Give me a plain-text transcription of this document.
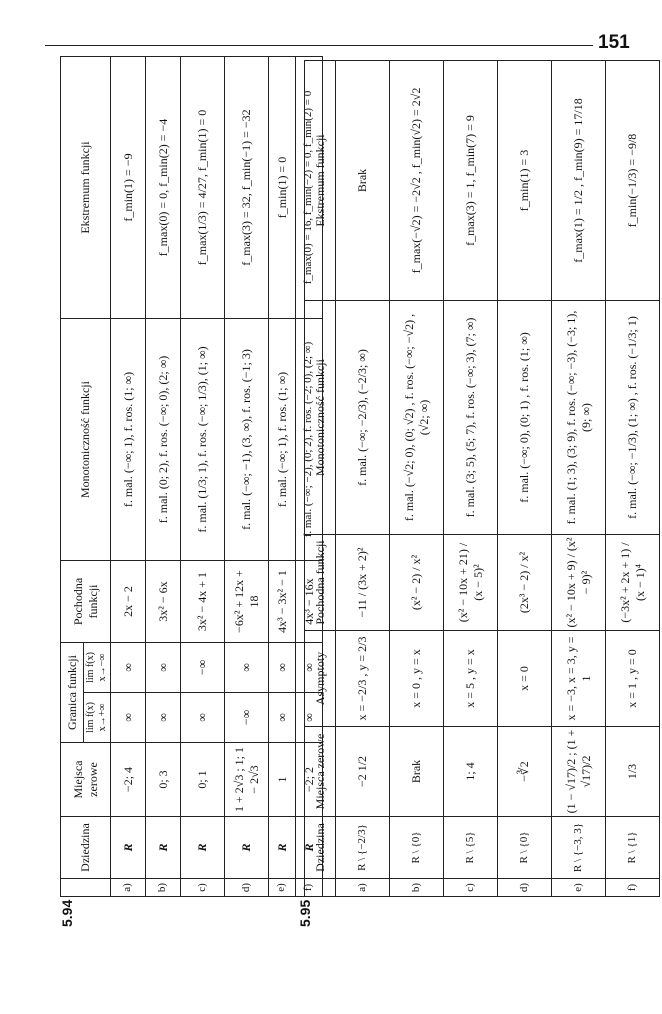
151
5.94
	Dziedzina	Miejsca zerowe	Granica funkcji		Pochodna funkcji	Monotoniczność funkcji	Ekstremum funkcji
			lim f(x) x→+∞	lim f(x) x→−∞			
a)	R	−2; 4	∞	∞	2x − 2	f. mal. (−∞; 1), f. ros. (1; ∞)	f_min(1) = −9
b)	R	0; 3	∞	∞	3x² − 6x	f. mal. (0; 2), f. ros. (−∞; 0), (2; ∞)	f_max(0) = 0, f_min(2) = −4
c)	R	0; 1	∞	−∞	3x² − 4x + 1	f. mal. (1/3; 1), f. ros. (−∞; 1/3), (1; ∞)	f_max(1/3) = 4/27, f_min(1) = 0
d)	R	1 + 2√3 ; 1; 1 − 2√3	−∞	∞	−6x² + 12x + 18	f. mal. (−∞; −1), (3, ∞), f. ros. (−1; 3)	f_max(3) = 32, f_min(−1) = −32
e)	R	1	∞	∞	4x³ − 3x² − 1	f. mal. (−∞; 1), f. ros. (1; ∞)	f_min(1) = 0
f)	R	−2; 2	∞	∞	4x³ − 16x	f. mal. (−∞; −2), (0; 2), f. ros. (−2; 0), (2; ∞)	f_max(0) = 16, f_min(−2) = 0, f_min(2) = 0
5.95
	Dziedzina	Miejsca zerowe	Asymptoty	Pochodna funkcji	Monotoniczność funkcji	Ekstremum funkcji
a)	R \ {−2/3}	−2 1/2	x = −2/3 , y = 2/3	−11 / (3x + 2)²	f. mal. (−∞; −2/3), (−2/3; ∞)	Brak
b)	R \ {0}	Brak	x = 0 , y = x	(x² − 2) / x²	f. mal. (−√2; 0), (0; √2) , f. ros. (−∞; −√2) , (√2; ∞)	f_max(−√2) = −2√2 , f_min(√2) = 2√2
c)	R \ {5}	1; 4	x = 5 , y = x	(x² − 10x + 21) / (x − 5)²	f. mal. (3; 5), (5; 7), f. ros. (−∞; 3), (7; ∞)	f_max(3) = 1, f_min(7) = 9
d)	R \ {0}	−∛2	x = 0	(2x³ − 2) / x²	f. mal. (−∞; 0), (0; 1) , f. ros. (1; ∞)	f_min(1) = 3
e)	R \ {−3, 3}	(1 − √17)/2 ; (1 + √17)/2	x = −3, x = 3, y = 1	(x² − 10x + 9) / (x² − 9)²	f. mal. (1; 3), (3; 9), f. ros. (−∞; −3), (−3; 1), (9; ∞)	f_max(1) = 1/2 , f_min(9) = 17/18
f)	R \ {1}	1/3	x = 1 , y = 0	(−3x² + 2x + 1) / (x − 1)⁴	f. mal. (−∞; −1/3), (1; ∞) , f. ros. (−1/3; 1)	f_min(−1/3) = −9/8
